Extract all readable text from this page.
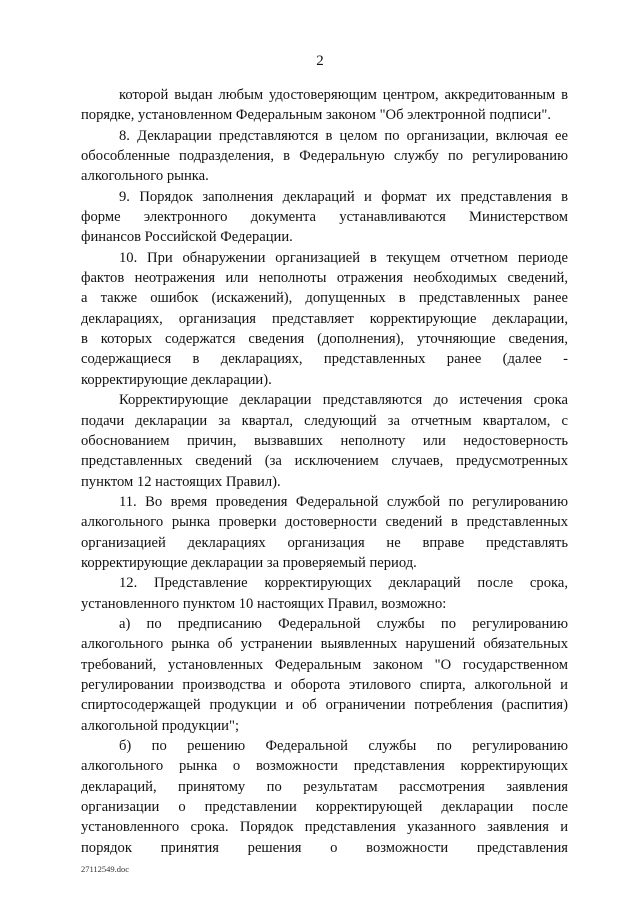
2
которой выдан любым удостоверяющим центром, аккредитованным в
порядке, установленном Федеральным законом "Об электронной подписи".
8. Декларации представляются в целом по организации, включая ее
обособленные подразделения, в Федеральную службу по регулированию
алкогольного рынка.
9. Порядок заполнения деклараций и формат их представления в
форме электронного документа устанавливаются Министерством
финансов Российской Федерации.
10. При обнаружении организацией в текущем отчетном периоде
фактов неотражения или неполноты отражения необходимых сведений,
а также ошибок (искажений), допущенных в представленных ранее
декларациях, организация представляет корректирующие декларации,
в которых содержатся сведения (дополнения), уточняющие сведения,
содержащиеся в декларациях, представленных ранее (далее -
корректирующие декларации).
Корректирующие декларации представляются до истечения срока
подачи декларации за квартал, следующий за отчетным кварталом, с
обоснованием причин, вызвавших неполноту или недостоверность
представленных сведений (за исключением случаев, предусмотренных
пунктом 12 настоящих Правил).
11. Во время проведения Федеральной службой по регулированию
алкогольного рынка проверки достоверности сведений в представленных
организацией декларациях организация не вправе представлять
корректирующие декларации за проверяемый период.
12. Представление корректирующих деклараций после срока,
установленного пунктом 10 настоящих Правил, возможно:
а) по предписанию Федеральной службы по регулированию
алкогольного рынка об устранении выявленных нарушений обязательных
требований, установленных Федеральным законом "О государственном
регулировании производства и оборота этилового спирта, алкогольной и
спиртосодержащей продукции и об ограничении потребления (распития)
алкогольной продукции";
б) по решению Федеральной службы по регулированию
алкогольного рынка о возможности представления корректирующих
деклараций, принятому по результатам рассмотрения заявления
организации о представлении корректирующей декларации после
установленного срока. Порядок представления указанного заявления и
порядок принятия решения о возможности представления
27112549.doc
